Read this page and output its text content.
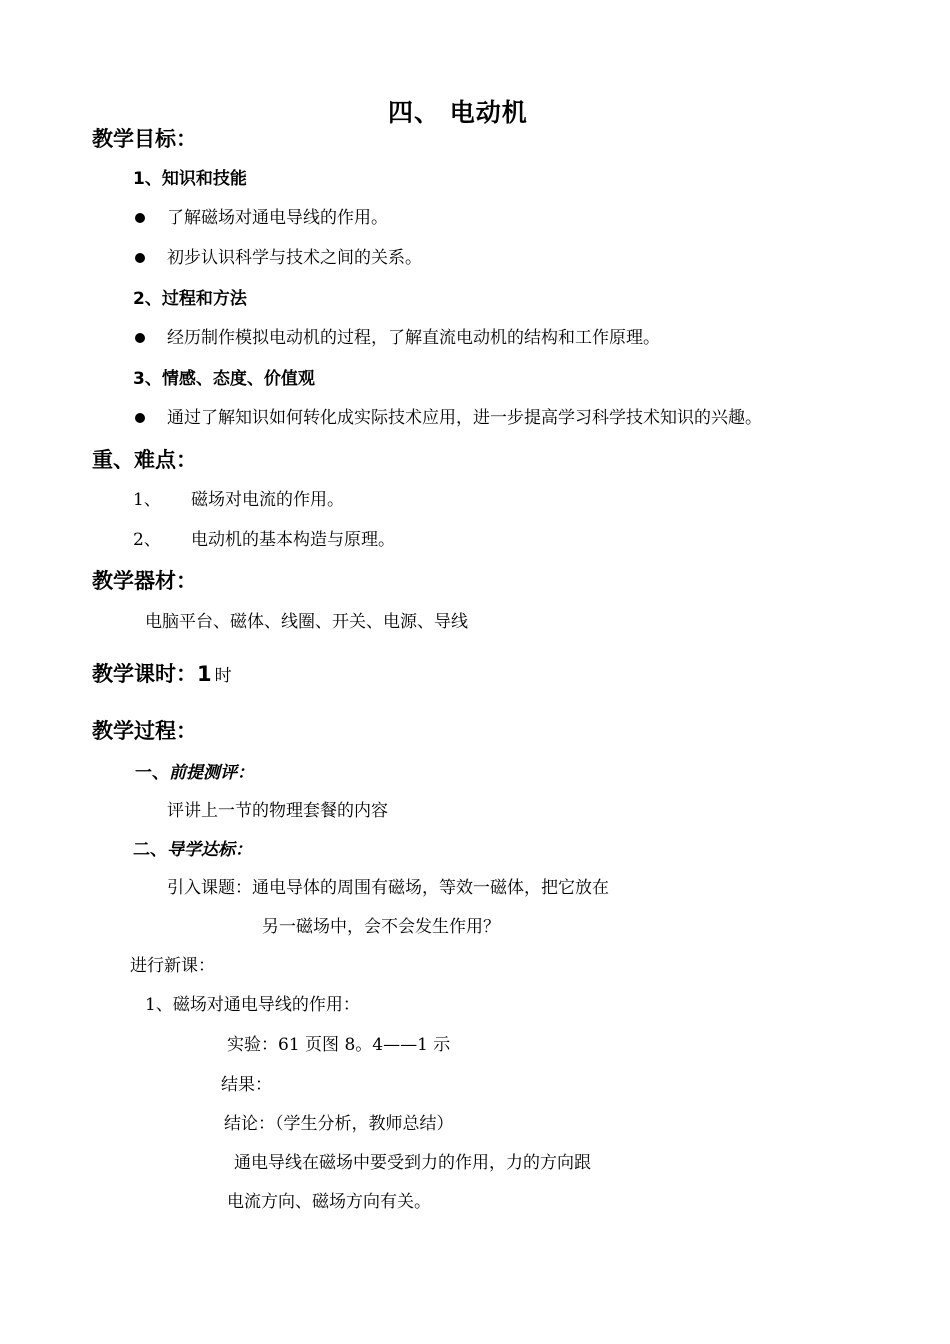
四、 电动机
教学目标：
1、知识和技能
了解磁场对通电导线的作用。
初步认识科学与技术之间的关系。
2、过程和方法
经历制作模拟电动机的过程，了解直流电动机的结构和工作原理。
3、情感、态度、价值观
通过了解知识如何转化成实际技术应用，进一步提高学习科学技术知识的兴趣。
重、难点：
1、 磁场对电流的作用。
2、 电动机的基本构造与原理。
教学器材：
电脑平台、磁体、线圈、开关、电源、导线
教学课时：1 时
教学过程：
一、前提测评：
评讲上一节的物理套餐的内容
二、导学达标：
引入课题：通电导体的周围有磁场，等效一磁体，把它放在
另一磁场中，会不会发生作用？
进行新课：
1、磁场对通电导线的作用：
实验：61 页图 8。4——1 示
结果：
结论：（学生分析，教师总结）
通电导线在磁场中要受到力的作用，力的方向跟
电流方向、磁场方向有关。
